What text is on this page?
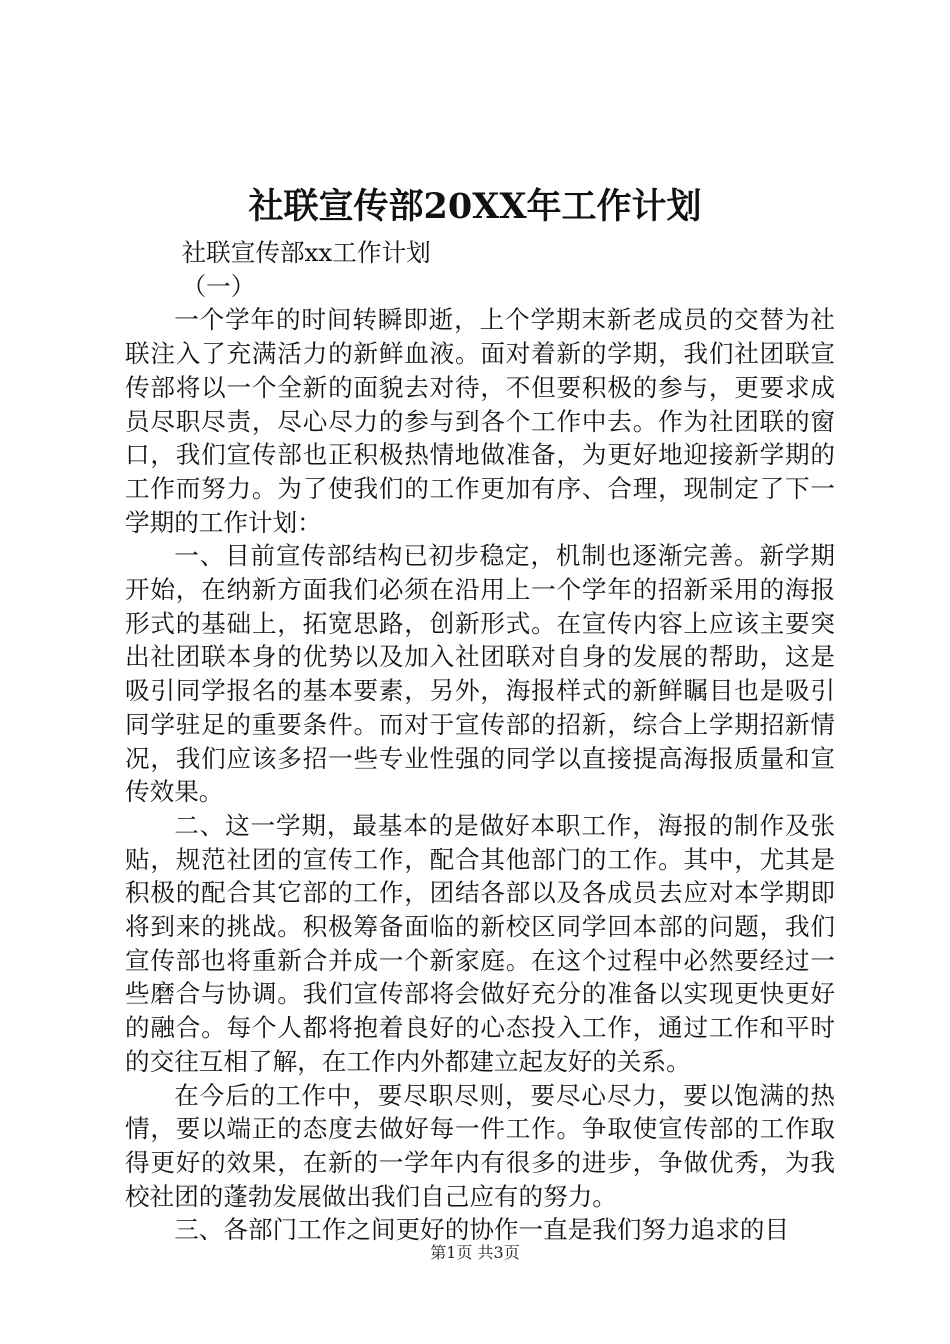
社联宣传部20XX年工作计划

社联宣传部xx工作计划

（一）

一个学年的时间转瞬即逝，上个学期末新老成员的交替为社联注入了充满活力的新鲜血液。面对着新的学期，我们社团联宣传部将以一个全新的面貌去对待，不但要积极的参与，更要求成员尽职尽责，尽心尽力的参与到各个工作中去。作为社团联的窗口，我们宣传部也正积极热情地做准备，为更好地迎接新学期的工作而努力。为了使我们的工作更加有序、合理，现制定了下一学期的工作计划：

一、目前宣传部结构已初步稳定，机制也逐渐完善。新学期开始，在纳新方面我们必须在沿用上一个学年的招新采用的海报形式的基础上，拓宽思路，创新形式。在宣传内容上应该主要突出社团联本身的优势以及加入社团联对自身的发展的帮助，这是吸引同学报名的基本要素，另外，海报样式的新鲜瞩目也是吸引同学驻足的重要条件。而对于宣传部的招新，综合上学期招新情况，我们应该多招一些专业性强的同学以直接提高海报质量和宣传效果。

二、这一学期，最基本的是做好本职工作，海报的制作及张贴，规范社团的宣传工作，配合其他部门的工作。其中，尤其是积极的配合其它部的工作，团结各部以及各成员去应对本学期即将到来的挑战。积极筹备面临的新校区同学回本部的问题，我们宣传部也将重新合并成一个新家庭。在这个过程中必然要经过一些磨合与协调。我们宣传部将会做好充分的准备以实现更快更好的融合。每个人都将抱着良好的心态投入工作，通过工作和平时的交往互相了解，在工作内外都建立起友好的关系。

在今后的工作中，要尽职尽则，要尽心尽力，要以饱满的热情，要以端正的态度去做好每一件工作。争取使宣传部的工作取得更好的效果，在新的一学年内有很多的进步，争做优秀，为我校社团的蓬勃发展做出我们自己应有的努力。

三、各部门工作之间更好的协作一直是我们努力追求的目

第1页 共3页
